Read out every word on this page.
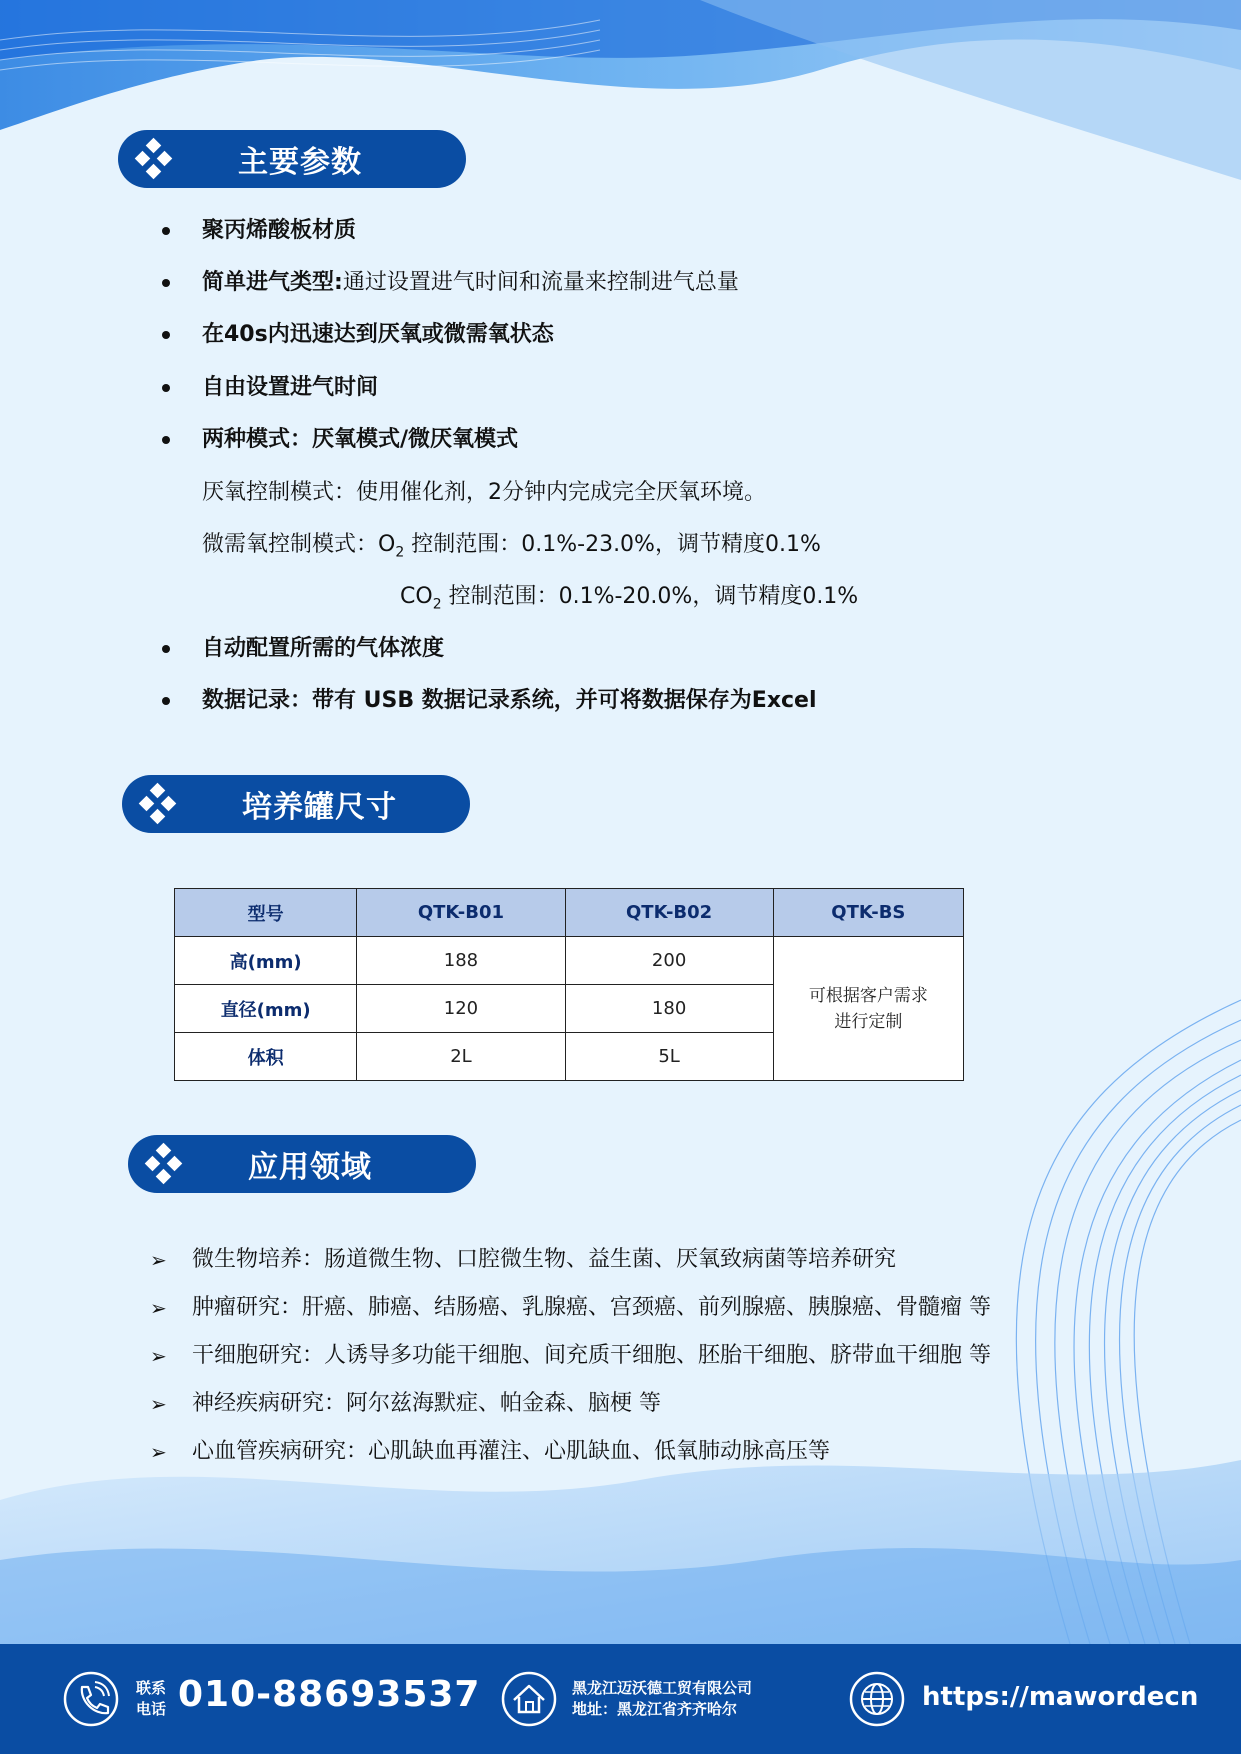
主要参数
聚丙烯酸板材质
简单进气类型:通过设置进气时间和流量来控制进气总量
在40s内迅速达到厌氧或微需氧状态
自由设置进气时间
两种模式：厌氧模式/微厌氧模式
厌氧控制模式：使用催化剂，2分钟内完成完全厌氧环境。
微需氧控制模式：$O_2$ 控制范围：0.1%-23.0%，调节精度0.1%
$CO_2$ 控制范围：0.1%-20.0%，调节精度0.1%
自动配置所需的气体浓度
数据记录：带有 USB 数据记录系统，并可将数据保存为Excel
培养罐尺寸
型号	QTK-B01	QTK-B02	QTK-BS
高(mm)	188	200	可根据客户需求
进行定制
直径(mm)	120	180	
体积	2L	5L	
应用领域
➢ 微生物培养：肠道微生物、口腔微生物、益生菌、厌氧致病菌等培养研究
➢ 肿瘤研究：肝癌、肺癌、结肠癌、乳腺癌、宫颈癌、前列腺癌、胰腺癌、骨髓瘤 等
➢ 干细胞研究：人诱导多功能干细胞、间充质干细胞、胚胎干细胞、脐带血干细胞 等
➢ 神经疾病研究：阿尔兹海默症、帕金森、脑梗 等
➢ 心血管疾病研究：心肌缺血再灌注、心肌缺血、低氧肺动脉高压等
联系
电话 010-88693537	黑龙江迈沃德工贸有限公司
地址：黑龙江省齐齐哈尔	https://mawordecn
